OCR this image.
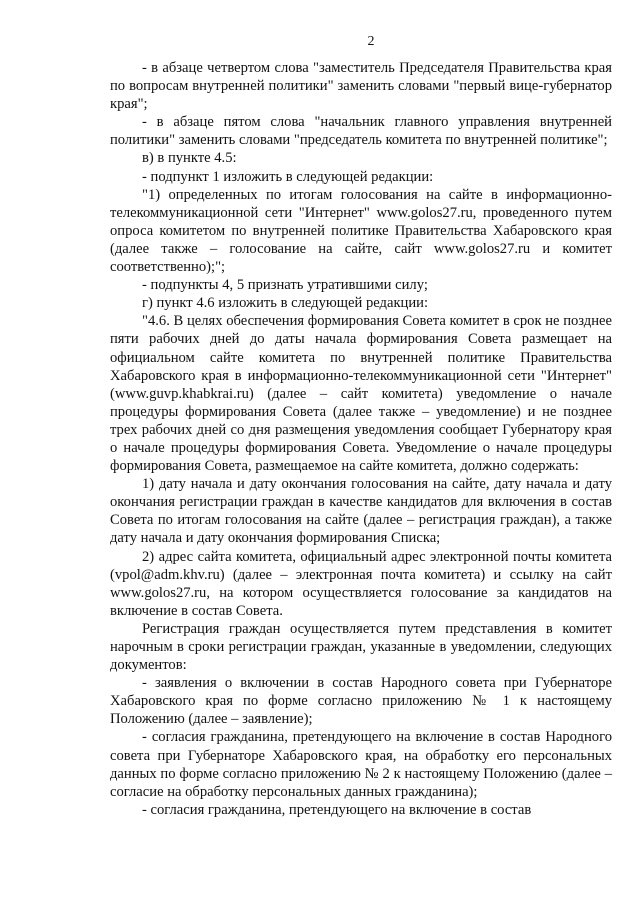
2

- в абзаце четвертом слова "заместитель Председателя Правительства края по вопросам внутренней политики" заменить словами "первый вице-губернатор края";

- в абзаце пятом слова "начальник главного управления внутренней политики" заменить словами "председатель комитета по внутренней политике";

в) в пункте 4.5:

- подпункт 1 изложить в следующей редакции:

"1) определенных по итогам голосования на сайте в информационно-телекоммуникационной сети "Интернет" www.golos27.ru, проведенного путем опроса комитетом по внутренней политике Правительства Хабаровского края (далее также – голосование на сайте, сайт www.golos27.ru и комитет соответственно);";

- подпункты 4, 5 признать утратившими силу;

г) пункт 4.6 изложить в следующей редакции:

"4.6. В целях обеспечения формирования Совета комитет в срок не позднее пяти рабочих дней до даты начала формирования Совета размещает на официальном сайте комитета по внутренней политике Правительства Хабаровского края в информационно-телекоммуникационной сети "Интернет" (www.guvp.khabkrai.ru) (далее – сайт комитета) уведомление о начале процедуры формирования Совета (далее также – уведомление) и не позднее трех рабочих дней со дня размещения уведомления сообщает Губернатору края о начале процедуры формирования Совета. Уведомление о начале процедуры формирования Совета, размещаемое на сайте комитета, должно содержать:

1) дату начала и дату окончания голосования на сайте, дату начала и дату окончания регистрации граждан в качестве кандидатов для включения в состав Совета по итогам голосования на сайте (далее – регистрация граждан), а также дату начала и дату окончания формирования Списка;

2) адрес сайта комитета, официальный адрес электронной почты комитета (vpol@adm.khv.ru) (далее – электронная почта комитета) и ссылку на сайт www.golos27.ru, на котором осуществляется голосование за кандидатов на включение в состав Совета.

Регистрация граждан осуществляется путем представления в комитет нарочным в сроки регистрации граждан, указанные в уведомлении, следующих документов:

- заявления о включении в состав Народного совета при Губернаторе Хабаровского края по форме согласно приложению № 1 к настоящему Положению (далее – заявление);

- согласия гражданина, претендующего на включение в состав Народного совета при Губернаторе Хабаровского края, на обработку его персональных данных по форме согласно приложению № 2 к настоящему Положению (далее – согласие на обработку персональных данных гражданина);

- согласия гражданина, претендующего на включение в состав
